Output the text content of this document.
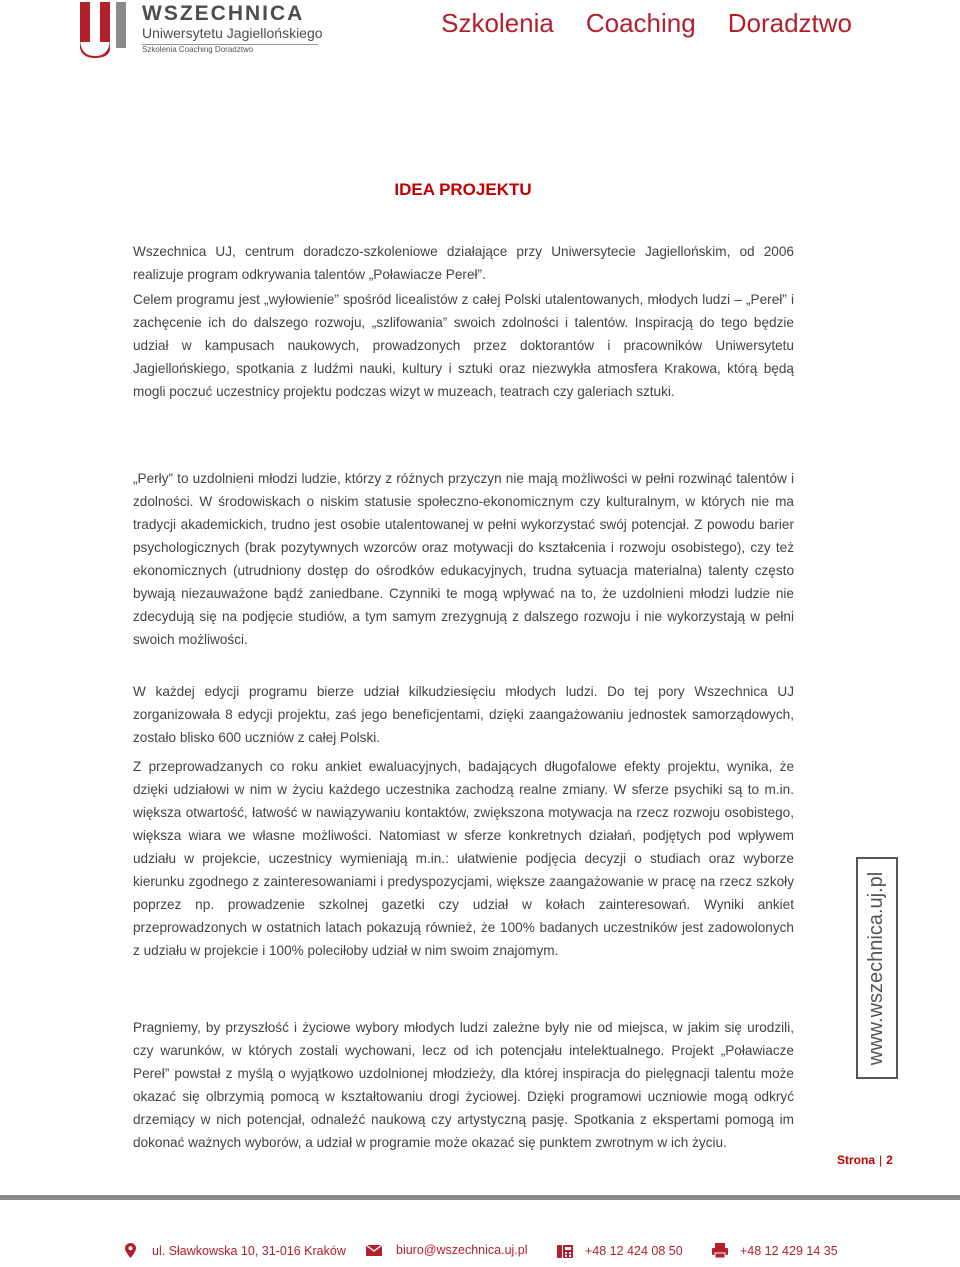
WSZECHNICA
Uniwersytetu Jagiellońskiego
Szkolenia Coaching Doradztwo
Szkolenia Coaching Doradztwo
IDEA PROJEKTU

Wszechnica UJ, centrum doradczo-szkoleniowe działające przy Uniwersytecie Jagiellońskim, od 2006 realizuje program odkrywania talentów „Poławiacze Pereł”.

Celem programu jest „wyłowienie” spośród licealistów z całej Polski utalentowanych, młodych ludzi – „Pereł” i zachęcenie ich do dalszego rozwoju, „szlifowania” swoich zdolności i talentów. Inspiracją do tego będzie udział w kampusach naukowych, prowadzonych przez doktorantów i pracowników Uniwersytetu Jagiellońskiego, spotkania z ludźmi nauki, kultury i sztuki oraz niezwykła atmosfera Krakowa, którą będą mogli poczuć uczestnicy projektu podczas wizyt w muzeach, teatrach czy galeriach sztuki.

„Perły” to uzdolnieni młodzi ludzie, którzy z różnych przyczyn nie mają możliwości w pełni rozwinąć talentów i zdolności. W środowiskach o niskim statusie społeczno-ekonomicznym czy kulturalnym, w których nie ma tradycji akademickich, trudno jest osobie utalentowanej w pełni wykorzystać swój potencjał. Z powodu barier psychologicznych (brak pozytywnych wzorców oraz motywacji do kształcenia i rozwoju osobistego), czy też ekonomicznych (utrudniony dostęp do ośrodków edukacyjnych, trudna sytuacja materialna) talenty często bywają niezauważone bądź zaniedbane. Czynniki te mogą wpływać na to, że uzdolnieni młodzi ludzie nie zdecydują się na podjęcie studiów, a tym samym zrezygnują z dalszego rozwoju i nie wykorzystają w pełni swoich możliwości.

W każdej edycji programu bierze udział kilkudziesięciu młodych ludzi. Do tej pory Wszechnica UJ zorganizowała 8 edycji projektu, zaś jego beneficjentami, dzięki zaangażowaniu jednostek samorządowych, zostało blisko 600 uczniów z całej Polski.

Z przeprowadzanych co roku ankiet ewaluacyjnych, badających długofalowe efekty projektu, wynika, że dzięki udziałowi w nim w życiu każdego uczestnika zachodzą realne zmiany. W sferze psychiki są to m.in. większa otwartość, łatwość w nawiązywaniu kontaktów, zwiększona motywacja na rzecz rozwoju osobistego, większa wiara we własne możliwości. Natomiast w sferze konkretnych działań, podjętych pod wpływem udziału w projekcie, uczestnicy wymieniają m.in.: ułatwienie podjęcia decyzji o studiach oraz wyborze kierunku zgodnego z zainteresowaniami i predyspozycjami, większe zaangażowanie w pracę na rzecz szkoły poprzez np. prowadzenie szkolnej gazetki czy udział w kołach zainteresowań. Wyniki ankiet przeprowadzonych w ostatnich latach pokazują również, że 100% badanych uczestników jest zadowolonych z udziału w projekcie i 100% poleciłoby udział w nim swoim znajomym.

Pragniemy, by przyszłość i życiowe wybory młodych ludzi zależne były nie od miejsca, w jakim się urodzili, czy warunków, w których zostali wychowani, lecz od ich potencjału intelektualnego. Projekt „Poławiacze Pereł” powstał z myślą o wyjątkowo uzdolnionej młodzieży, dla której inspiracja do pielęgnacji talentu może okazać się olbrzymią pomocą w kształtowaniu drogi życiowej. Dzięki programowi uczniowie mogą odkryć drzemiący w nich potencjał, odnaleźć naukową czy artystyczną pasję. Spotkania z ekspertami pomogą im dokonać ważnych wyborów, a udział w programie może okazać się punktem zwrotnym w ich życiu.

www.wszechnica.uj.pl
Strona | 2
ul. Sławkowska 10, 31-016 Kraków	biuro@wszechnica.uj.pl	+48 12 424 08 50	+48 12 429 14 35
